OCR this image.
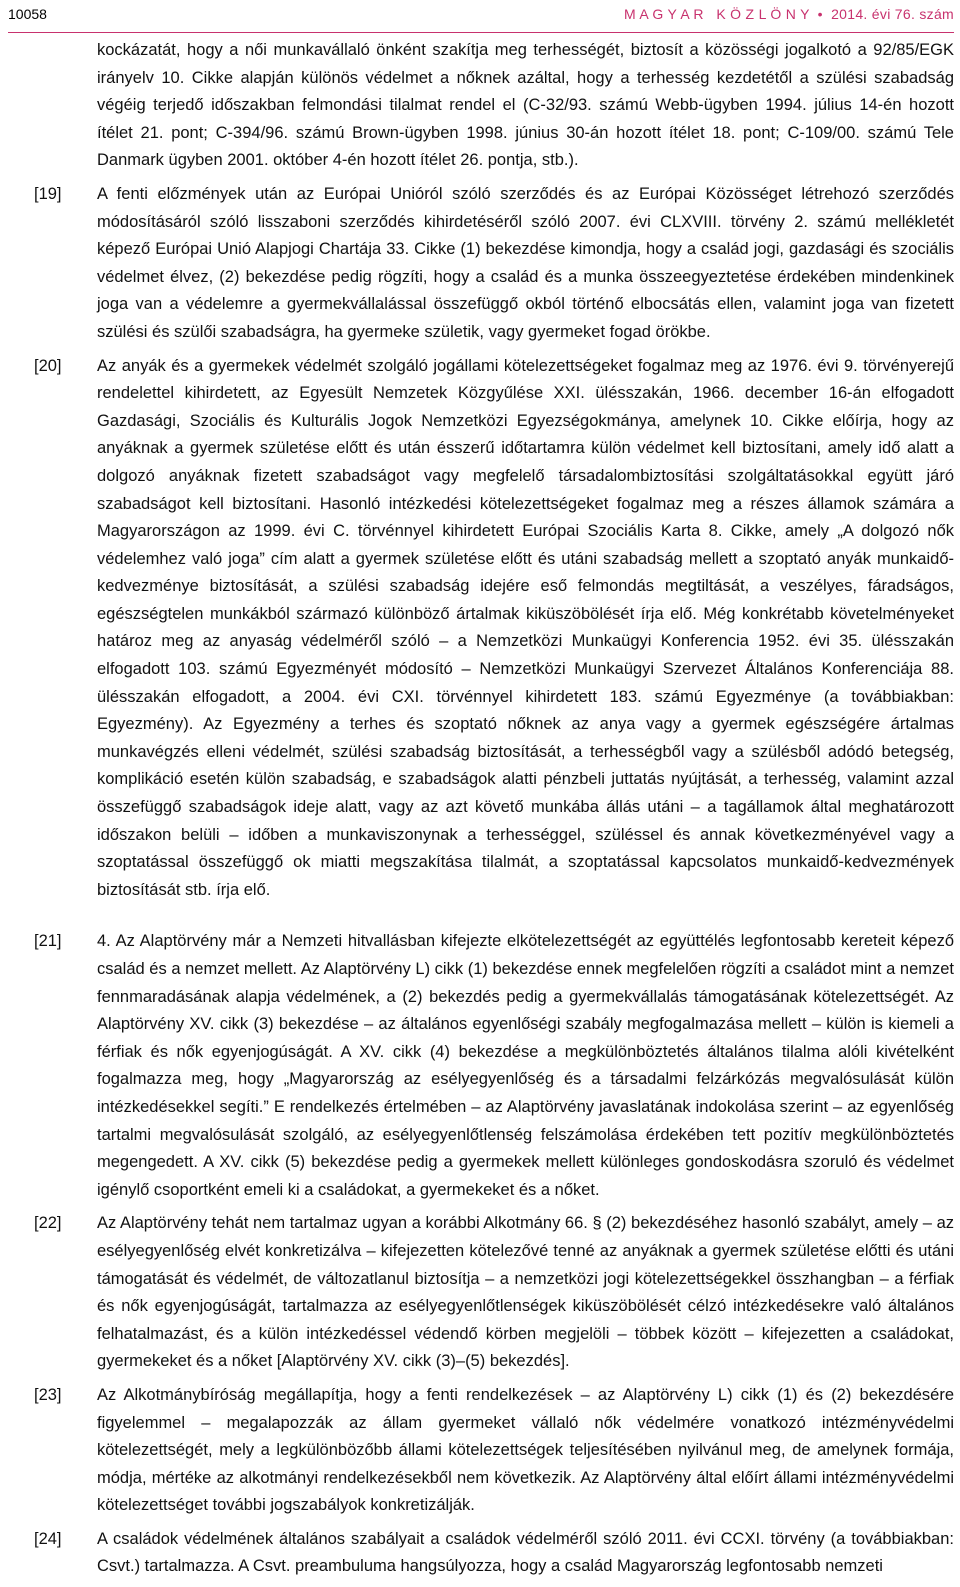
10058	M A G Y A R   K Ö Z L Ö N Y • 2014. évi 76. szám
kockázatát, hogy a női munkavállaló önként szakítja meg terhességét, biztosít a közösségi jogalkotó a 92/85/EGK irányelv 10. Cikke alapján különös védelmet a nőknek azáltal, hogy a terhesség kezdetétől a szülési szabadság végéig terjedő időszakban felmondási tilalmat rendel el (C‑32/93. számú Webb-ügyben 1994. július 14-én hozott ítélet 21. pont; C‑394/96. számú Brown-ügyben 1998. június 30-án hozott ítélet 18. pont; C‑109/00. számú Tele Danmark ügyben 2001. október 4-én hozott ítélet 26. pontja, stb.).
[19] A fenti előzmények után az Európai Unióról szóló szerződés és az Európai Közösséget létrehozó szerződés módosításáról szóló lisszaboni szerződés kihirdetéséről szóló 2007. évi CLXVIII. törvény 2. számú mellékletét képező Európai Unió Alapjogi Chartája 33. Cikke (1) bekezdése kimondja, hogy a család jogi, gazdasági és szociális védelmet élvez, (2) bekezdése pedig rögzíti, hogy a család és a munka összeegyeztetése érdekében mindenkinek joga van a védelemre a gyermekvállalással összefüggő okból történő elbocsátás ellen, valamint joga van fizetett szülési és szülői szabadságra, ha gyermeke születik, vagy gyermeket fogad örökbe.
[20] Az anyák és a gyermekek védelmét szolgáló jogállami kötelezettségeket fogalmaz meg az 1976. évi 9. törvényerejű rendelettel kihirdetett, az Egyesült Nemzetek Közgyűlése XXI. ülésszakán, 1966. december 16-án elfogadott Gazdasági, Szociális és Kulturális Jogok Nemzetközi Egyezségokmánya, amelynek 10. Cikke előírja, hogy az anyáknak a gyermek születése előtt és után ésszerű időtartamra külön védelmet kell biztosítani, amely idő alatt a dolgozó anyáknak fizetett szabadságot vagy megfelelő társadalombiztosítási szolgáltatásokkal együtt járó szabadságot kell biztosítani. Hasonló intézkedési kötelezettségeket fogalmaz meg a részes államok számára a Magyarországon az 1999. évi C. törvénnyel kihirdetett Európai Szociális Karta 8. Cikke, amely „A dolgozó nők védelemhez való joga” cím alatt a gyermek születése előtt és utáni szabadság mellett a szoptató anyák munkaidő-kedvezménye biztosítását, a szülési szabadság idejére eső felmondás megtiltását, a veszélyes, fáradságos, egészségtelen munkákból származó különböző ártalmak kiküszöbölését írja elő. Még konkrétabb követelményeket határoz meg az anyaság védelméről szóló – a Nemzetközi Munkaügyi Konferencia 1952. évi 35. ülésszakán elfogadott 103. számú Egyezményét módosító – Nemzetközi Munkaügyi Szervezet Általános Konferenciája 88. ülésszakán elfogadott, a 2004. évi CXI. törvénnyel kihirdetett 183. számú Egyezménye (a továbbiakban: Egyezmény). Az Egyezmény a terhes és szoptató nőknek az anya vagy a gyermek egészségére ártalmas munkavégzés elleni védelmét, szülési szabadság biztosítását, a terhességből vagy a szülésből adódó betegség, komplikáció esetén külön szabadság, e szabadságok alatti pénzbeli juttatás nyújtását, a terhesség, valamint azzal összefüggő szabadságok ideje alatt, vagy az azt követő munkába állás utáni – a tagállamok által meghatározott időszakon belüli – időben a munkaviszonynak a terhességgel, szüléssel és annak következményével vagy a szoptatással összefüggő ok miatti megszakítása tilalmát, a szoptatással kapcsolatos munkaidő-kedvezmények biztosítását stb. írja elő.
[21] 4. Az Alaptörvény már a Nemzeti hitvallásban kifejezte elkötelezettségét az együttélés legfontosabb kereteit képező család és a nemzet mellett. Az Alaptörvény L) cikk (1) bekezdése ennek megfelelően rögzíti a családot mint a nemzet fennmaradásának alapja védelmének, a (2) bekezdés pedig a gyermekvállalás támogatásának kötelezettségét. Az Alaptörvény XV. cikk (3) bekezdése – az általános egyenlőségi szabály megfogalmazása mellett – külön is kiemeli a férfiak és nők egyenjogúságát. A XV. cikk (4) bekezdése a megkülönböztetés általános tilalma alóli kivételként fogalmazza meg, hogy „Magyarország az esélyegyenlőség és a társadalmi felzárkózás megvalósulását külön intézkedésekkel segíti.” E rendelkezés értelmében – az Alaptörvény javaslatának indokolása szerint – az egyenlőség tartalmi megvalósulását szolgáló, az esélyegyenlőtlenség felszámolása érdekében tett pozitív megkülönböztetés megengedett. A XV. cikk (5) bekezdése pedig a gyermekek mellett különleges gondoskodásra szoruló és védelmet igénylő csoportként emeli ki a családokat, a gyermekeket és a nőket.
[22] Az Alaptörvény tehát nem tartalmaz ugyan a korábbi Alkotmány 66. § (2) bekezdéséhez hasonló szabályt, amely – az esélyegyenlőség elvét konkretizálva – kifejezetten kötelezővé tenné az anyáknak a gyermek születése előtti és utáni támogatását és védelmét, de változatlanul biztosítja – a nemzetközi jogi kötelezettségekkel összhangban – a férfiak és nők egyenjogúságát, tartalmazza az esélyegyenlőtlenségek kiküszöbölését célzó intézkedésekre való általános felhatalmazást, és a külön intézkedéssel védendő körben megjelöli – többek között – kifejezetten a családokat, gyermekeket és a nőket [Alaptörvény XV. cikk (3)–(5) bekezdés].
[23] Az Alkotmánybíróság megállapítja, hogy a fenti rendelkezések – az Alaptörvény L) cikk (1) és (2) bekezdésére figyelemmel – megalapozzák az állam gyermeket vállaló nők védelmére vonatkozó intézményvédelmi kötelezettségét, mely a legkülönbözőbb állami kötelezettségek teljesítésében nyilvánul meg, de amelynek formája, módja, mértéke az alkotmányi rendelkezésekből nem következik. Az Alaptörvény által előírt állami intézményvédelmi kötelezettséget további jogszabályok konkretizálják.
[24] A családok védelmének általános szabályait a családok védelméről szóló 2011. évi CCXI. törvény (a továbbiakban: Csvt.) tartalmazza. A Csvt. preambuluma hangsúlyozza, hogy a család Magyarország legfontosabb nemzeti
